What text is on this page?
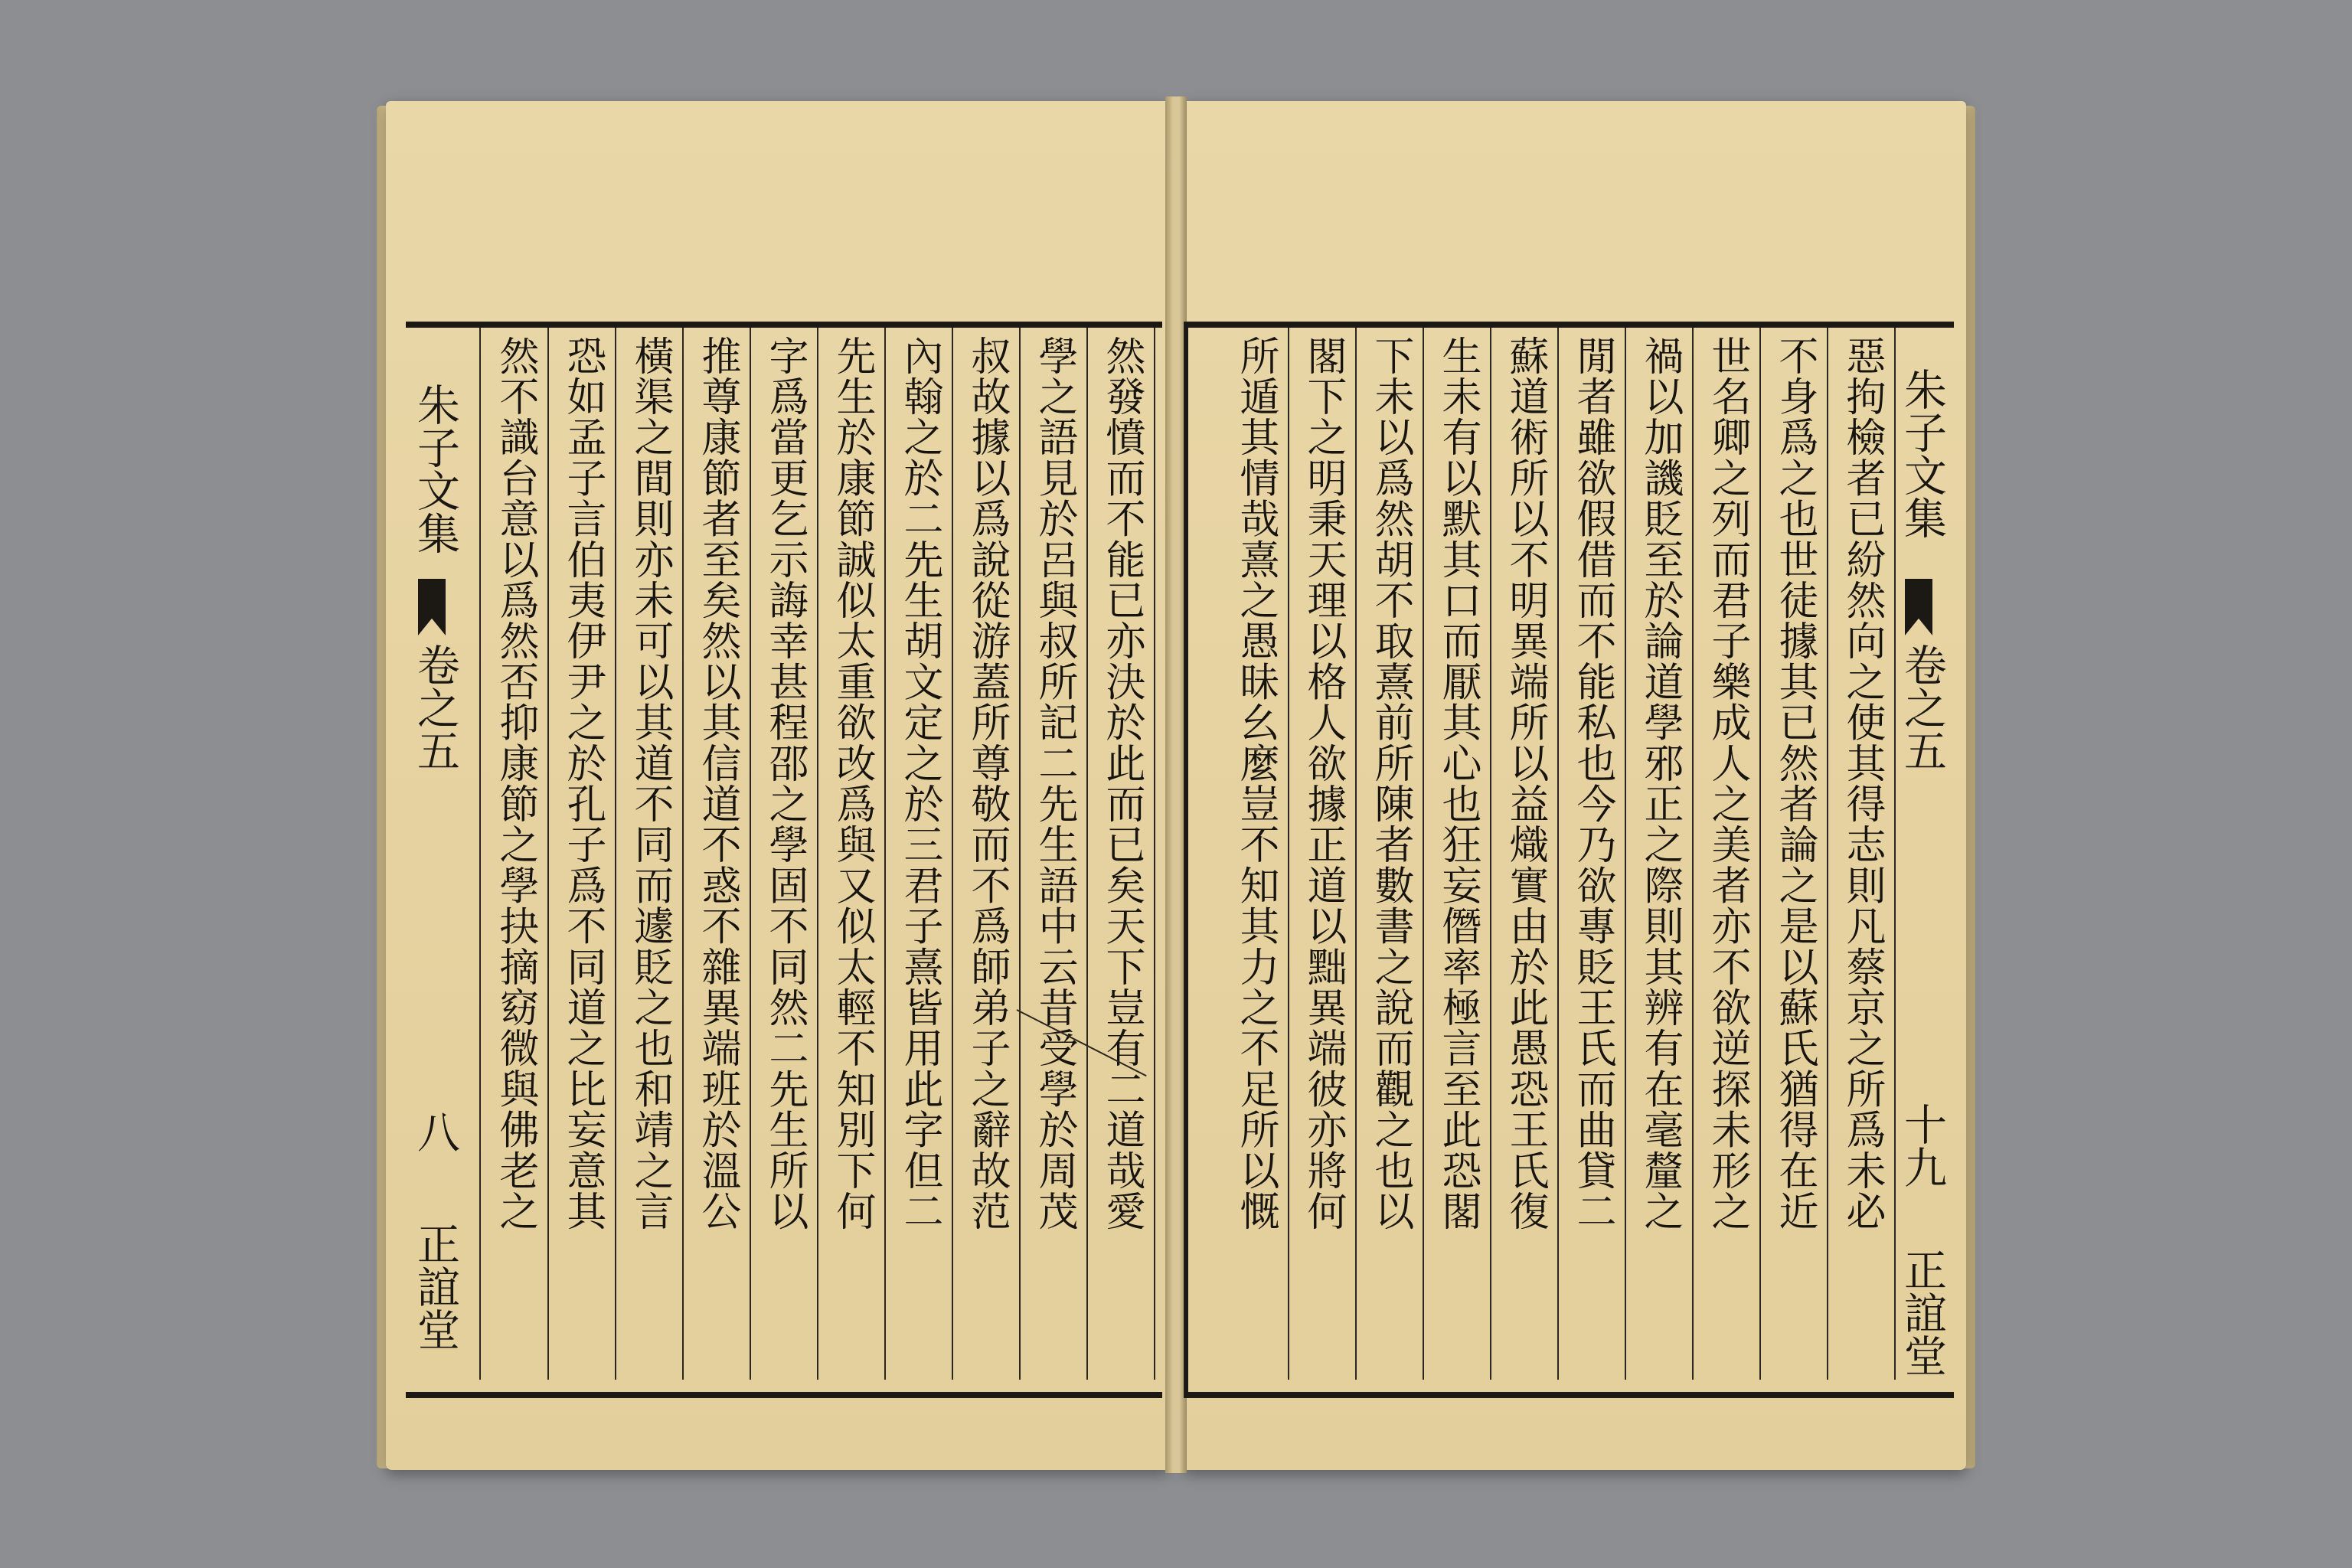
朱子文集
卷之五
八
正誼堂
朱子文集
卷之五
十九
正誼堂
然發憤而不能已亦決於此而已矣天下豈有二道哉愛
學之語見於呂與叔所記二先生語中云昔受學於周茂
叔故據以爲說從游蓋所尊敬而不爲師弟子之辭故范
內翰之於二先生胡文定之於三君子熹皆用此字但二
先生於康節誠似太重欲改爲與又似太輕不知別下何
字爲當更乞示誨幸甚程邵之學固不同然二先生所以
推尊康節者至矣然以其信道不惑不雜異端班於溫公
橫渠之間則亦未可以其道不同而遽貶之也和靖之言
恐如孟子言伯夷伊尹之於孔子爲不同道之比妄意其
然不識台意以爲然否抑康節之學抉摘窈微與佛老之	惡拘檢者已紛然向之使其得志則凡蔡京之所爲未必
不身爲之也世徒據其已然者論之是以蘇氏猶得在近
世名卿之列而君子樂成人之美者亦不欲逆探未形之
禍以加譏貶至於論道學邪正之際則其辨有在毫釐之
閒者雖欲假借而不能私也今乃欲專貶王氏而曲貸二
蘇道術所以不明異端所以益熾實由於此愚恐王氏復
生未有以默其口而厭其心也狂妄僭率極言至此恐閣
下未以爲然胡不取熹前所陳者數書之說而觀之也以
閣下之明秉天理以格人欲據正道以黜異端彼亦將何
所遁其情哉熹之愚昧幺麼豈不知其力之不足所以慨
